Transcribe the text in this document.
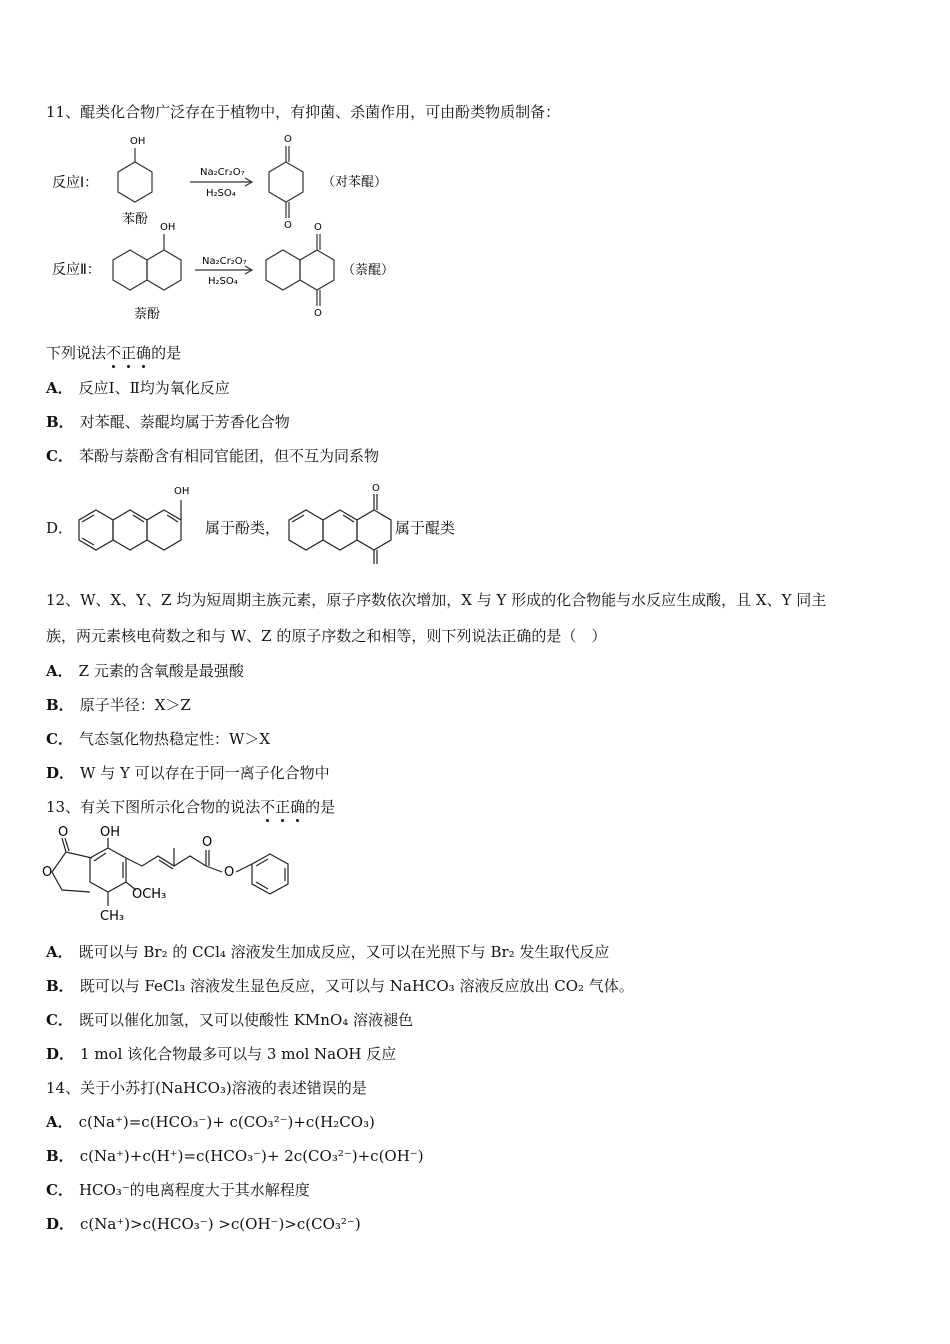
11、醌类化合物广泛存在于植物中，有抑菌、杀菌作用，可由酚类物质制备：
反应Ⅰ：
OH
苯酚
Na₂Cr₂O₇
H₂SO₄
O
O
（对苯醌）
反应Ⅱ：
OH
萘酚
Na₂Cr₂O₇
H₂SO₄
O
O
（萘醌）
下列说法不正确的是
A． 反应Ⅰ、Ⅱ均为氧化反应
B． 对苯醌、萘醌均属于芳香化合物
C． 苯酚与萘酚含有相同官能团，但不互为同系物
D．
OH
属于酚类，
O
属于醌类
12、W、X、Y、Z 均为短周期主族元素，原子序数依次增加，X 与 Y 形成的化合物能与水反应生成酸，且 X、Y 同主
族，两元素核电荷数之和与 W、Z 的原子序数之和相等，则下列说法正确的是（　）
A． Z 元素的含氧酸是最强酸
B． 原子半径：X＞Z
C． 气态氢化物热稳定性：W＞X
D． W 与 Y 可以存在于同一离子化合物中
13、有关下图所示化合物的说法不正确的是
OH
OCH₃
CH₃
O
O
O
O
A． 既可以与 Br₂ 的 CCl₄ 溶液发生加成反应，又可以在光照下与 Br₂ 发生取代反应
B． 既可以与 FeCl₃ 溶液发生显色反应，又可以与 NaHCO₃ 溶液反应放出 CO₂ 气体。
C． 既可以催化加氢，又可以使酸性 KMnO₄ 溶液褪色
D． 1 mol 该化合物最多可以与 3 mol NaOH 反应
14、关于小苏打(NaHCO₃)溶液的表述错误的是
A． c(Na⁺)=c(HCO₃⁻)+ c(CO₃²⁻)+c(H₂CO₃)
B． c(Na⁺)+c(H⁺)=c(HCO₃⁻)+ 2c(CO₃²⁻)+c(OH⁻)
C． HCO₃⁻的电离程度大于其水解程度
D． c(Na⁺)>c(HCO₃⁻) >c(OH⁻)>c(CO₃²⁻)
